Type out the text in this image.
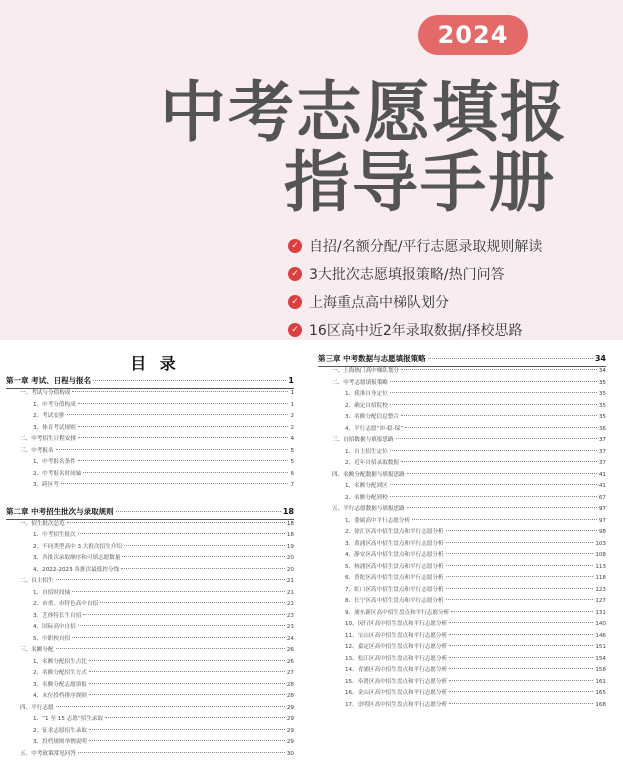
2024
中考志愿填报
指导手册
✓ 自招/名额分配/平行志愿录取规则解读
✓ 3大批次志愿填报策略/热门问答
✓ 上海重点高中梯队划分
✓ 16区高中近2年录取数据/择校思路
目 录
第一章 考试、日程与报名	1
一、考试与分值构成	1
1、中考分值构成	1
2、考试安排	2
3、体育考试规则	2
二、中考招生日程安排	4
三、中考报名	5
1、中考报名条件	5
2、中考报名时间轴	6
3、跨区考	7
第二章 中考招生批次与录取规则	18
一、招生批次总览	18
1、中考招生批次	18
2、不同类型高中 3 大批次招生介绍	19
3、各批次录取顺序和可填志愿数量	20
4、2022-2023 各批次最低控分线	20
二、自主招生	21
1、自招时间轴	21
2、市重、市特色高中自招	21
3、艺体特长生自招	23
4、国际高中自招	23
5、中职校自招	24
三、名额分配	26
1、名额分配招生占比	26
2、名额分配招生方式	27
3、名额分配志愿填报	28
4、末位投档排序规则	28
四、平行志愿	29
1、“1 至 15 志愿”招生录取	29
2、征求志愿招生录取	29
3、投档规则举例说明	29
五、中考政策常见问答	30
第三章 中考数据与志愿填报策略	34
一、上海热门高中梯队划分	34
二、中考志愿填报策略	35
1、我准自身定位	35
2、确定自招院校	35
3、名额分配信息整合	35
4、平行志愿“冲-稳-保”	36
三、自招数据与填报思路	37
1、自主招生定位	37
2、近年自招录取数据	37
四、名额分配数据与填报思路	41
1、名额分配到区	41
2、名额分配到校	67
五、平行志愿数据与填报思路	97
1、委属高中平行志愿分析	97
2、徐汇区高中招生盘点和平行志愿分析	98
3、黄浦区高中招生盘点和平行志愿分析	103
4、静安区高中招生盘点和平行志愿分析	108
5、杨浦区高中招生盘点和平行志愿分析	113
6、普陀区高中招生盘点和平行志愿分析	118
7、虹口区高中招生盘点和平行志愿分析	123
8、长宁区高中招生盘点和平行志愿分析	127
9、浦东新区高中招生盘点和平行志愿分析	131
10、闵行区高中招生盘点和平行志愿分析	140
11、宝山区高中招生盘点和平行志愿分析	146
12、嘉定区高中招生盘点和平行志愿分析	151
13、松江区高中招生盘点和平行志愿分析	154
14、青浦区高中招生盘点和平行志愿分析	158
15、奉贤区高中招生盘点和平行志愿分析	161
16、金山区高中招生盘点和平行志愿分析	165
17、崇明区高中招生盘点和平行志愿分析	168
